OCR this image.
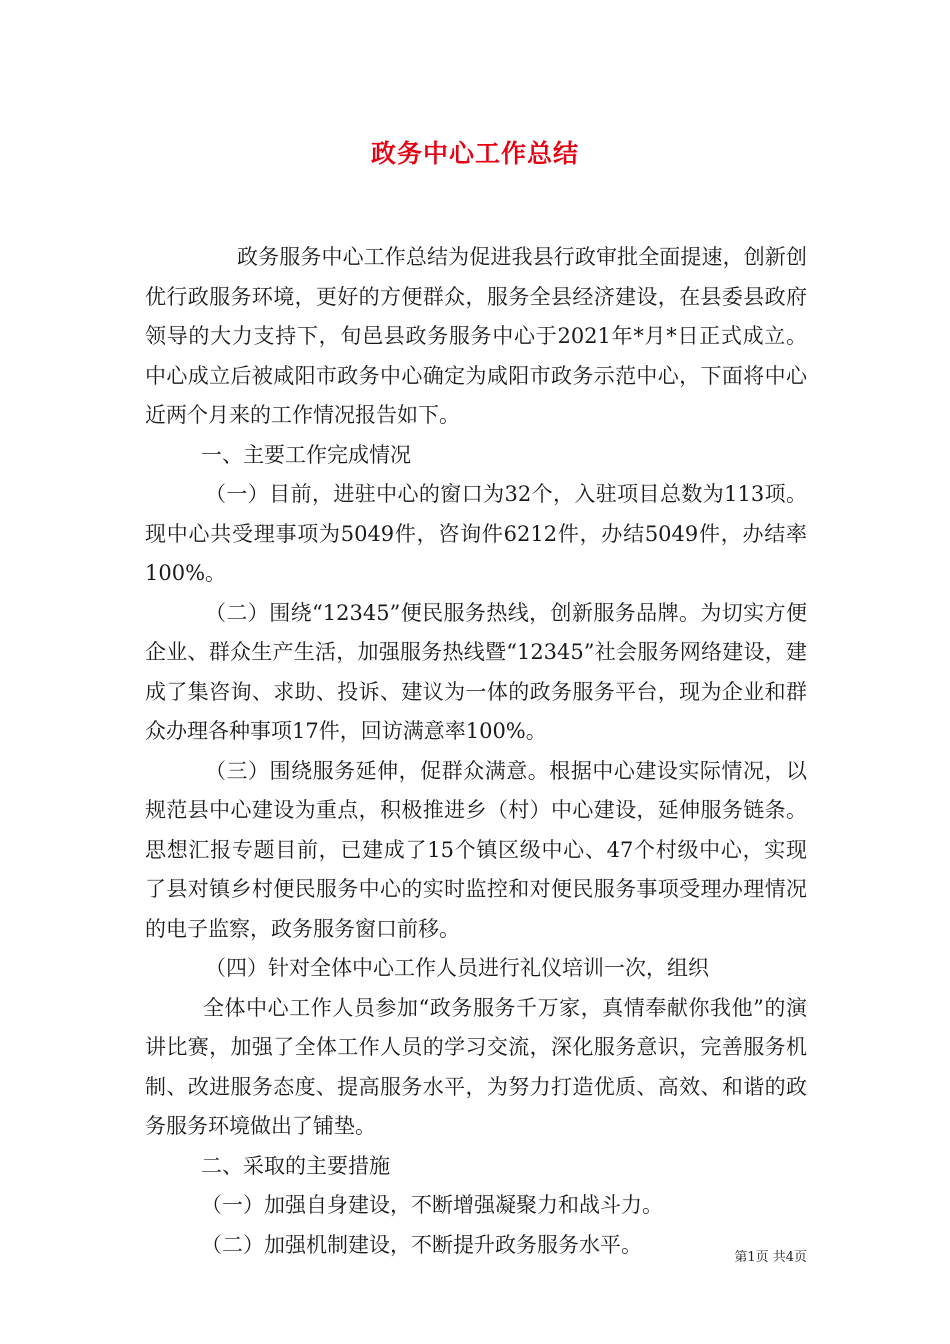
政务中心工作总结

政务服务中心工作总结为促进我县行政审批全面提速，创新创优行政服务环境，更好的方便群众，服务全县经济建设，在县委县政府领导的大力支持下，旬邑县政务服务中心于2021年*月*日正式成立。中心成立后被咸阳市政务中心确定为咸阳市政务示范中心，下面将中心近两个月来的工作情况报告如下。

一、主要工作完成情况

（一）目前，进驻中心的窗口为32个，入驻项目总数为113项。现中心共受理事项为5049件，咨询件6212件，办结5049件，办结率100%。

（二）围绕“12345”便民服务热线，创新服务品牌。为切实方便企业、群众生产生活，加强服务热线暨“12345”社会服务网络建设，建成了集咨询、求助、投诉、建议为一体的政务服务平台，现为企业和群众办理各种事项17件，回访满意率100%。

（三）围绕服务延伸，促群众满意。根据中心建设实际情况，以规范县中心建设为重点，积极推进乡（村）中心建设，延伸服务链条。思想汇报专题目前，已建成了15个镇区级中心、47个村级中心，实现了县对镇乡村便民服务中心的实时监控和对便民服务事项受理办理情况的电子监察，政务服务窗口前移。

（四）针对全体中心工作人员进行礼仪培训一次，组织

全体中心工作人员参加“政务服务千万家，真情奉献你我他”的演讲比赛，加强了全体工作人员的学习交流，深化服务意识，完善服务机制、改进服务态度、提高服务水平，为努力打造优质、高效、和谐的政务服务环境做出了铺垫。

二、采取的主要措施

（一）加强自身建设，不断增强凝聚力和战斗力。

（二）加强机制建设，不断提升政务服务水平。

第1页 共4页
